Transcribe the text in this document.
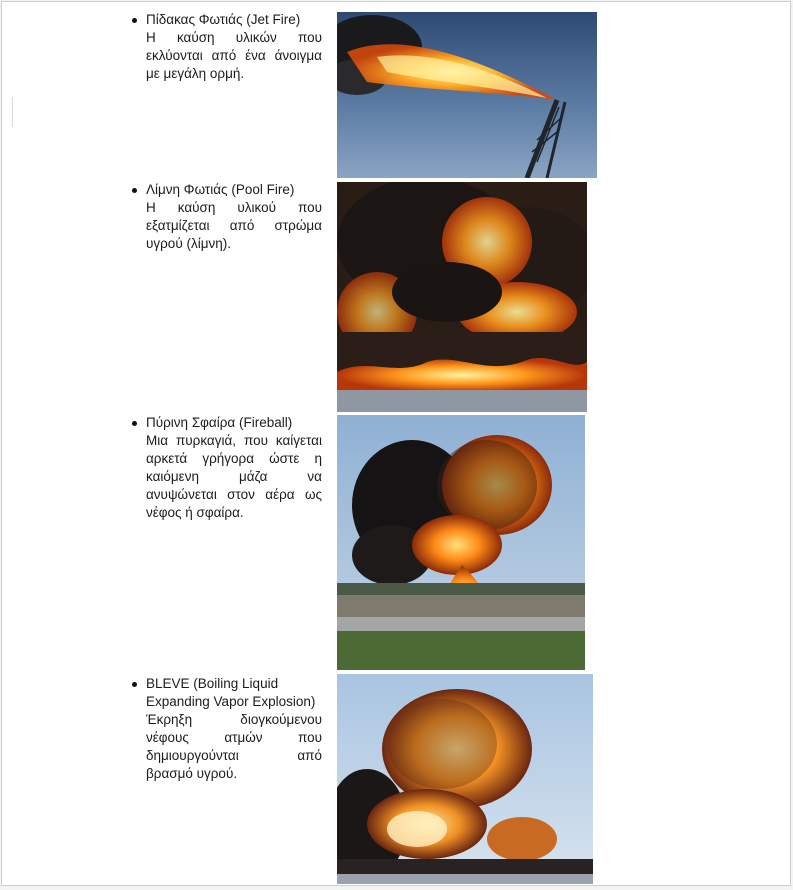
Πίδακας Φωτιάς (Jet Fire)
Η καύση υλικών που
εκλύονται από ένα άνοιγμα
με μεγάλη ορμή.
Λίμνη Φωτιάς (Pool Fire)
Η καύση υλικού που
εξατμίζεται από στρώμα
υγρού (λίμνη).
Πύρινη Σφαίρα (Fireball)
Μια πυρκαγιά, που καίγεται
αρκετά γρήγορα ώστε η
καιόμενη μάζα να
ανυψώνεται στον αέρα ως
νέφος ή σφαίρα.
BLEVE (Boiling Liquid
Expanding Vapor Explosion)
Έκρηξη διογκούμενου
νέφους ατμών που
δημιουργούνται από
βρασμό υγρού.
